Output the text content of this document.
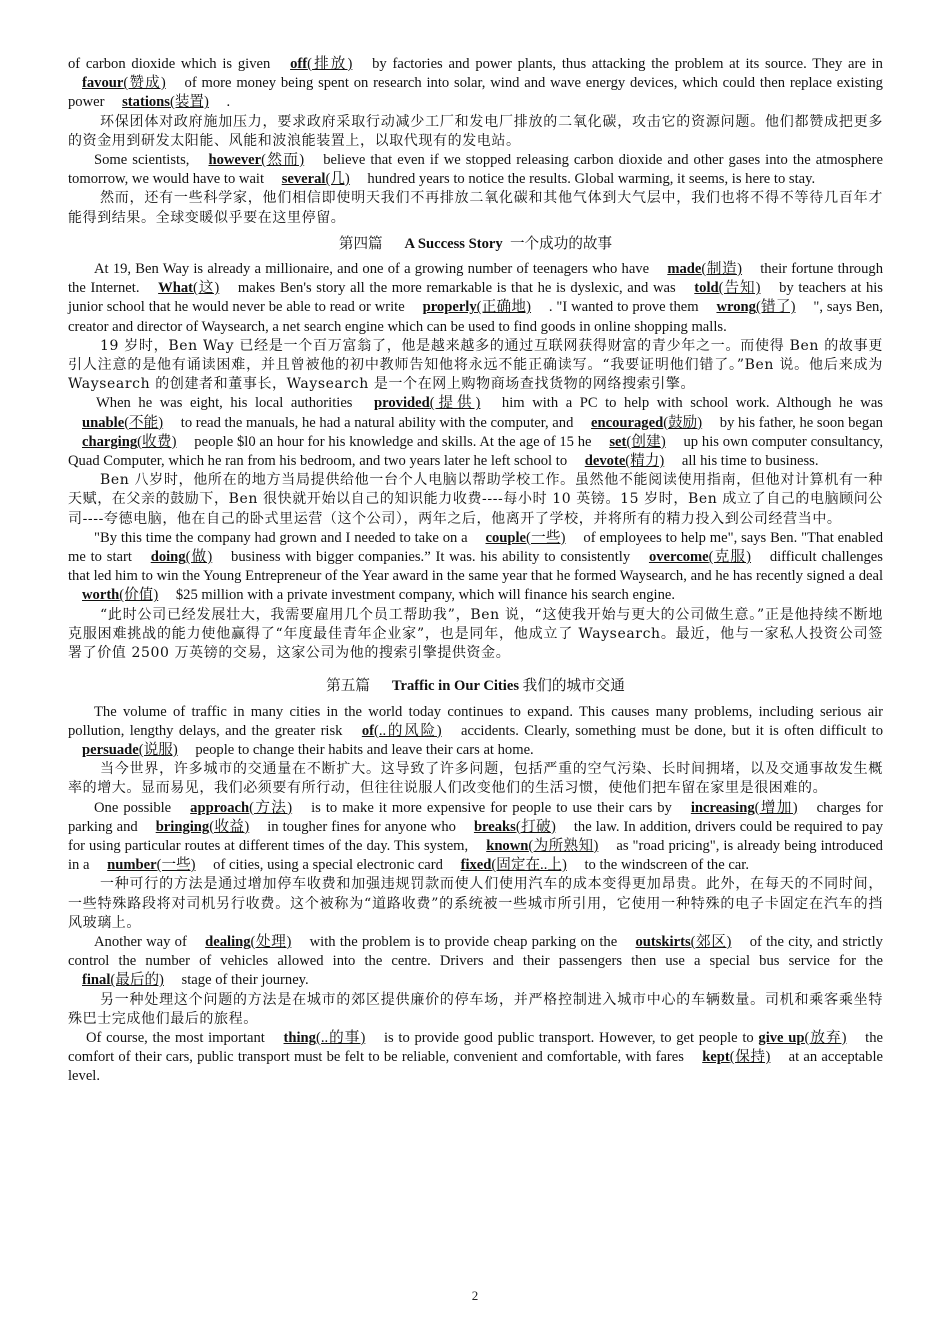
of carbon dioxide which is given off(排放) by factories and power plants, thus attacking the problem at its source. They are in favour(赞成) of more money being spent on research into solar, wind and wave energy devices, which could then replace existing power stations(装置) .

环保团体对政府施加压力，要求政府采取行动减少工厂和发电厂排放的二氧化碳，攻击它的资源问题。他们都赞成把更多的资金用到研发太阳能、风能和波浪能装置上，以取代现有的发电站。

Some scientists, however(然而) believe that even if we stopped releasing carbon dioxide and other gases into the atmosphere tomorrow, we would have to wait several(几) hundred years to notice the results. Global warming, it seems, is here to stay.

然而，还有一些科学家，他们相信即使明天我们不再排放二氧化碳和其他气体到大气层中，我们也将不得不等待几百年才能得到结果。全球变暖似乎要在这里停留。

第四篇 A Success Story 一个成功的故事

At 19, Ben Way is already a millionaire, and one of a growing number of teenagers who have made(制造) their fortune through the Internet. What(这) makes Ben's story all the more remarkable is that he is dyslexic, and was told(告知) by teachers at his junior school that he would never be able to read or write properly(正确地) . "I wanted to prove them wrong(错了) ", says Ben, creator and director of Waysearch, a net search engine which can be used to find goods in online shopping malls.

19 岁时，Ben Way 已经是一个百万富翁了，他是越来越多的通过互联网获得财富的青少年之一。而使得 Ben 的故事更引人注意的是他有诵读困难，并且曾被他的初中教师告知他将永远不能正确读写。“我要证明他们错了。”Ben 说。他后来成为 Waysearch 的创建者和董事长，Waysearch 是一个在网上购物商场查找货物的网络搜索引擎。

When he was eight, his local authorities provided(提供) him with a PC to help with school work. Although he was unable(不能) to read the manuals, he had a natural ability with the computer, and encouraged(鼓励) by his father, he soon began charging(收费) people $l0 an hour for his knowledge and skills. At the age of 15 he set(创建) up his own computer consultancy, Quad Computer, which he ran from his bedroom, and two years later he left school to devote(精力) all his time to business.

Ben 八岁时，他所在的地方当局提供给他一台个人电脑以帮助学校工作。虽然他不能阅读使用指南，但他对计算机有一种天赋，在父亲的鼓励下，Ben 很快就开始以自己的知识能力收费----每小时 10 英镑。15 岁时，Ben 成立了自己的电脑顾问公司----夸德电脑，他在自己的卧式里运营（这个公司），两年之后，他离开了学校，并将所有的精力投入到公司经营当中。

"By this time the company had grown and I needed to take on a couple(一些) of employees to help me", says Ben. "That enabled me to start doing(做) business with bigger companies.” It was. his ability to consistently overcome(克服) difficult challenges that led him to win the Young Entrepreneur of the Year award in the same year that he formed Waysearch, and he has recently signed a deal worth(价值) $25 million with a private investment company, which will finance his search engine.

“此时公司已经发展壮大，我需要雇用几个员工帮助我”，Ben 说，“这使我开始与更大的公司做生意。”正是他持续不断地克服困难挑战的能力使他赢得了“年度最佳青年企业家”，也是同年，他成立了 Waysearch。最近，他与一家私人投资公司签署了价值 2500 万英镑的交易，这家公司为他的搜索引擎提供资金。

第五篇 Traffic in Our Cities 我们的城市交通

The volume of traffic in many cities in the world today continues to expand. This causes many problems, including serious air pollution, lengthy delays, and the greater risk of(..的风险) accidents. Clearly, something must be done, but it is often difficult to persuade(说服) people to change their habits and leave their cars at home.

当今世界，许多城市的交通量在不断扩大。这导致了许多问题，包括严重的空气污染、长时间拥堵，以及交通事故发生概率的增大。显而易见，我们必须要有所行动，但往往说服人们改变他们的生活习惯，使他们把车留在家里是很困难的。

One possible approach(方法) is to make it more expensive for people to use their cars by increasing(增加) charges for parking and bringing(收益) in tougher fines for anyone who breaks(打破) the law. In addition, drivers could be required to pay for using particular routes at different times of the day. This system, known(为所熟知) as "road pricing", is already being introduced in a number(一些) of cities, using a special electronic card fixed(固定在..上) to the windscreen of the car.

一种可行的方法是通过增加停车收费和加强违规罚款而使人们使用汽车的成本变得更加昂贵。此外，在每天的不同时间，一些特殊路段将对司机另行收费。这个被称为“道路收费”的系统被一些城市所引用，它使用一种特殊的电子卡固定在汽车的挡风玻璃上。

Another way of dealing(处理) with the problem is to provide cheap parking on the outskirts(郊区) of the city, and strictly control the number of vehicles allowed into the centre. Drivers and their passengers then use a special bus service for the final(最后的) stage of their journey.

另一种处理这个问题的方法是在城市的郊区提供廉价的停车场，并严格控制进入城市中心的车辆数量。司机和乘客乘坐特殊巴士完成他们最后的旅程。

Of course, the most important thing(..的事) is to provide good public transport. However, to get people to give up(放弃) the comfort of their cars, public transport must be felt to be reliable, convenient and comfortable, with fares kept(保持) at an acceptable level.

2
